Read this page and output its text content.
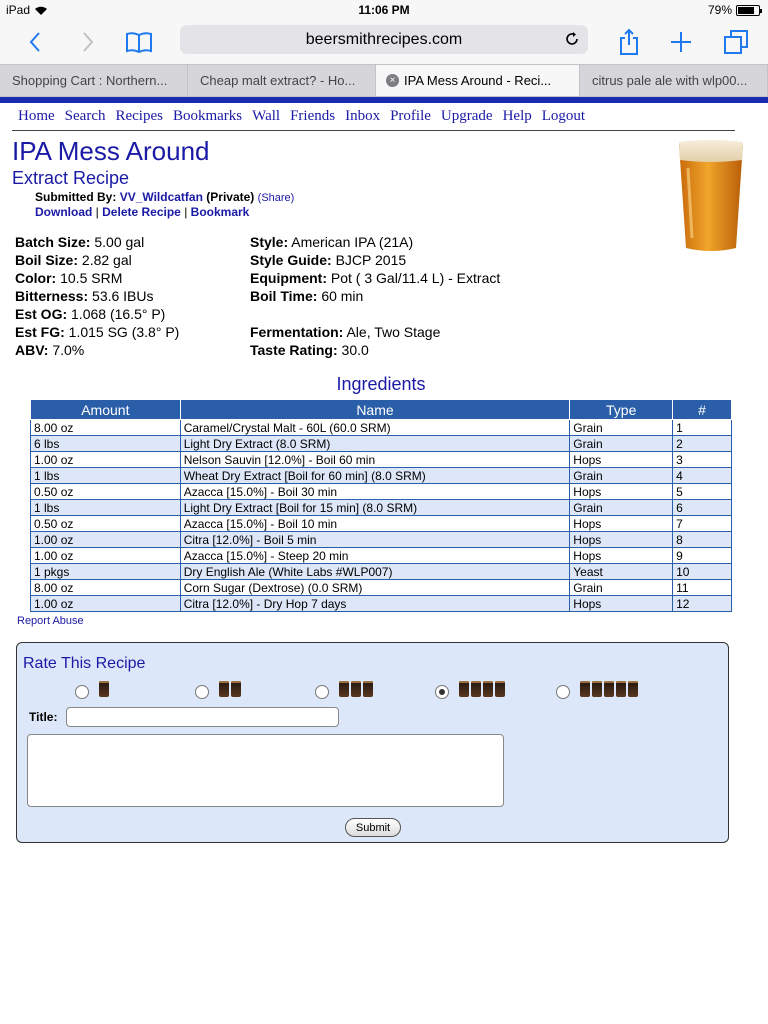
iPad	11:06 PM	79%
beersmithrecipes.com
Shopping Cart : Northern...	Cheap malt extract? - Ho...	× IPA Mess Around - Reci...	citrus pale ale with wlp00...
Home Search Recipes Bookmarks Wall Friends Inbox Profile Upgrade Help Logout
IPA Mess Around
Extract Recipe
Submitted By: VV_Wildcatfan (Private) (Share)
Download | Delete Recipe | Bookmark
Batch Size: 5.00 gal
Boil Size: 2.82 gal
Color: 10.5 SRM
Bitterness: 53.6 IBUs
Est OG: 1.068 (16.5° P)
Est FG: 1.015 SG (3.8° P)
ABV: 7.0%
Style: American IPA (21A)
Style Guide: BJCP 2015
Equipment: Pot ( 3 Gal/11.4 L) - Extract
Boil Time: 60 min

Fermentation: Ale, Two Stage
Taste Rating: 30.0
Ingredients
Amount	Name	Type	#
8.00 oz	Caramel/Crystal Malt - 60L (60.0 SRM)	Grain	1
6 lbs	Light Dry Extract (8.0 SRM)	Grain	2
1.00 oz	Nelson Sauvin [12.0%] - Boil 60 min	Hops	3
1 lbs	Wheat Dry Extract [Boil for 60 min] (8.0 SRM)	Grain	4
0.50 oz	Azacca [15.0%] - Boil 30 min	Hops	5
1 lbs	Light Dry Extract [Boil for 15 min] (8.0 SRM)	Grain	6
0.50 oz	Azacca [15.0%] - Boil 10 min	Hops	7
1.00 oz	Citra [12.0%] - Boil 5 min	Hops	8
1.00 oz	Azacca [15.0%] - Steep 20 min	Hops	9
1 pkgs	Dry English Ale (White Labs #WLP007)	Yeast	10
8.00 oz	Corn Sugar (Dextrose) (0.0 SRM)	Grain	11
1.00 oz	Citra [12.0%] - Dry Hop 7 days	Hops	12
Report Abuse
Rate This Recipe
Title:
Submit
